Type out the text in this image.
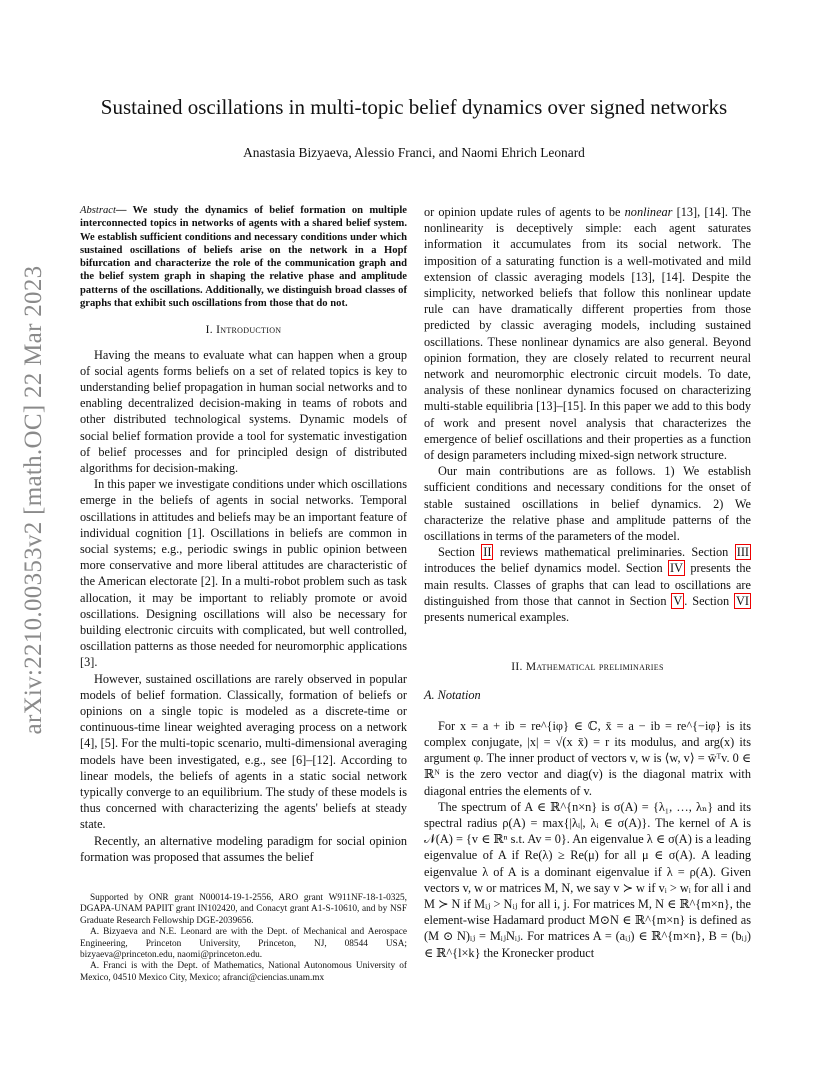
arXiv:2210.00353v2 [math.OC] 22 Mar 2023
Sustained oscillations in multi-topic belief dynamics over signed networks
Anastasia Bizyaeva, Alessio Franci, and Naomi Ehrich Leonard

Abstract— We study the dynamics of belief formation on multiple interconnected topics in networks of agents with a shared belief system. We establish sufficient conditions and necessary conditions under which sustained oscillations of beliefs arise on the network in a Hopf bifurcation and characterize the role of the communication graph and the belief system graph in shaping the relative phase and amplitude patterns of the oscillations. Additionally, we distinguish broad classes of graphs that exhibit such oscillations from those that do not.

I. Introduction

Having the means to evaluate what can happen when a group of social agents forms beliefs on a set of related topics is key to understanding belief propagation in human social networks and to enabling decentralized decision-making in teams of robots and other distributed technological systems. Dynamic models of social belief formation provide a tool for systematic investigation of belief processes and for principled design of distributed algorithms for decision-making.

In this paper we investigate conditions under which oscillations emerge in the beliefs of agents in social networks. Temporal oscillations in attitudes and beliefs may be an important feature of individual cognition [1]. Oscillations in beliefs are common in social systems; e.g., periodic swings in public opinion between more conservative and more liberal attitudes are characteristic of the American electorate [2]. In a multi-robot problem such as task allocation, it may be important to reliably promote or avoid oscillations. Designing oscillations will also be necessary for building electronic circuits with complicated, but well controlled, oscillation patterns as those needed for neuromorphic applications [3].

However, sustained oscillations are rarely observed in popular models of belief formation. Classically, formation of beliefs or opinions on a single topic is modeled as a discrete-time or continuous-time linear weighted averaging process on a network [4], [5]. For the multi-topic scenario, multi-dimensional averaging models have been investigated, e.g., see [6]–[12]. According to linear models, the beliefs of agents in a static social network typically converge to an equilibrium. The study of these models is thus concerned with characterizing the agents' beliefs at steady state.

Recently, an alternative modeling paradigm for social opinion formation was proposed that assumes the belief

Supported by ONR grant N00014-19-1-2556, ARO grant W911NF-18-1-0325, DGAPA-UNAM PAPIIT grant IN102420, and Conacyt grant A1-S-10610, and by NSF Graduate Research Fellowship DGE-2039656.

A. Bizyaeva and N.E. Leonard are with the Dept. of Mechanical and Aerospace Engineering, Princeton University, Princeton, NJ, 08544 USA; bizyaeva@princeton.edu, naomi@princeton.edu.

A. Franci is with the Dept. of Mathematics, National Autonomous University of Mexico, 04510 Mexico City, Mexico; afranci@ciencias.unam.mx

or opinion update rules of agents to be nonlinear [13], [14]. The nonlinearity is deceptively simple: each agent saturates information it accumulates from its social network. The imposition of a saturating function is a well-motivated and mild extension of classic averaging models [13], [14]. Despite the simplicity, networked beliefs that follow this nonlinear update rule can have dramatically different properties from those predicted by classic averaging models, including sustained oscillations. These nonlinear dynamics are also general. Beyond opinion formation, they are closely related to recurrent neural network and neuromorphic electronic circuit models. To date, analysis of these nonlinear dynamics focused on characterizing multi-stable equilibria [13]–[15]. In this paper we add to this body of work and present novel analysis that characterizes the emergence of belief oscillations and their properties as a function of design parameters including mixed-sign network structure.

Our main contributions are as follows. 1) We establish sufficient conditions and necessary conditions for the onset of stable sustained oscillations in belief dynamics. 2) We characterize the relative phase and amplitude patterns of the oscillations in terms of the parameters of the model.

Section II reviews mathematical preliminaries. Section III introduces the belief dynamics model. Section IV presents the main results. Classes of graphs that can lead to oscillations are distinguished from those that cannot in Section V . Section VI presents numerical examples.

II. Mathematical preliminaries
A. Notation

For x = a + ib = re^{iφ} ∈ ℂ, x̄ = a − ib = re^{−iφ} is its complex conjugate, |x| = √(x x̄) = r its modulus, and arg(x) its argument φ. The inner product of vectors v, w is ⟨w, v⟩ = w̄ᵀv. 0 ∈ ℝᴺ is the zero vector and diag(v) is the diagonal matrix with diagonal entries the elements of v.

The spectrum of A ∈ ℝ^{n×n} is σ(A) = {λ₁, …, λₙ} and its spectral radius ρ(A) = max{|λᵢ|, λᵢ ∈ σ(A)}. The kernel of A is 𝒩(A) = {v ∈ ℝⁿ s.t. Av = 0}. An eigenvalue λ ∈ σ(A) is a leading eigenvalue of A if Re(λ) ≥ Re(μ) for all μ ∈ σ(A). A leading eigenvalue λ of A is a dominant eigenvalue if λ = ρ(A). Given vectors v, w or matrices M, N, we say v ≻ w if vᵢ > wᵢ for all i and M ≻ N if Mᵢⱼ > Nᵢⱼ for all i, j. For matrices M, N ∈ ℝ^{m×n}, the element-wise Hadamard product M⊙N ∈ ℝ^{m×n} is defined as (M ⊙ N)ᵢⱼ = MᵢⱼNᵢⱼ. For matrices A = (aᵢⱼ) ∈ ℝ^{m×n}, B = (bᵢⱼ) ∈ ℝ^{l×k} the Kronecker product
